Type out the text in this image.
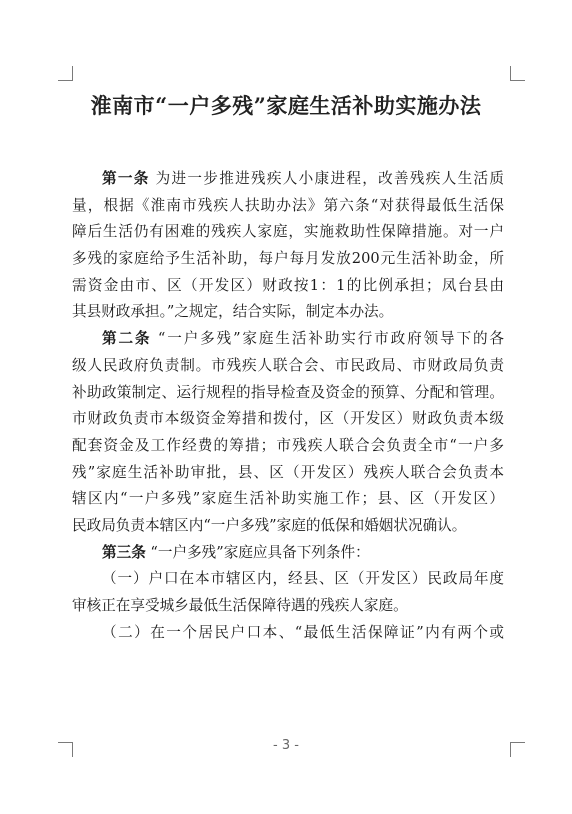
淮南市“一户多残”家庭生活补助实施办法
第一条 为进一步推进残疾人小康进程，改善残疾人生活质
量，根据《淮南市残疾人扶助办法》第六条“对获得最低生活保
障后生活仍有困难的残疾人家庭，实施救助性保障措施。对一户
多残的家庭给予生活补助，每户每月发放200元生活补助金，所
需资金由市、区（开发区）财政按1：1的比例承担；凤台县由
其县财政承担。”之规定，结合实际，制定本办法。
第二条 “一户多残”家庭生活补助实行市政府领导下的各
级人民政府负责制。市残疾人联合会、市民政局、市财政局负责
补助政策制定、运行规程的指导检查及资金的预算、分配和管理。
市财政负责市本级资金筹措和拨付，区（开发区）财政负责本级
配套资金及工作经费的筹措；市残疾人联合会负责全市“一户多
残”家庭生活补助审批，县、区（开发区）残疾人联合会负责本
辖区内“一户多残”家庭生活补助实施工作；县、区（开发区）
民政局负责本辖区内“一户多残”家庭的低保和婚姻状况确认。
第三条 “一户多残”家庭应具备下列条件：
（一）户口在本市辖区内，经县、区（开发区）民政局年度
审核正在享受城乡最低生活保障待遇的残疾人家庭。
（二）在一个居民户口本、“最低生活保障证”内有两个或
- 3 -
